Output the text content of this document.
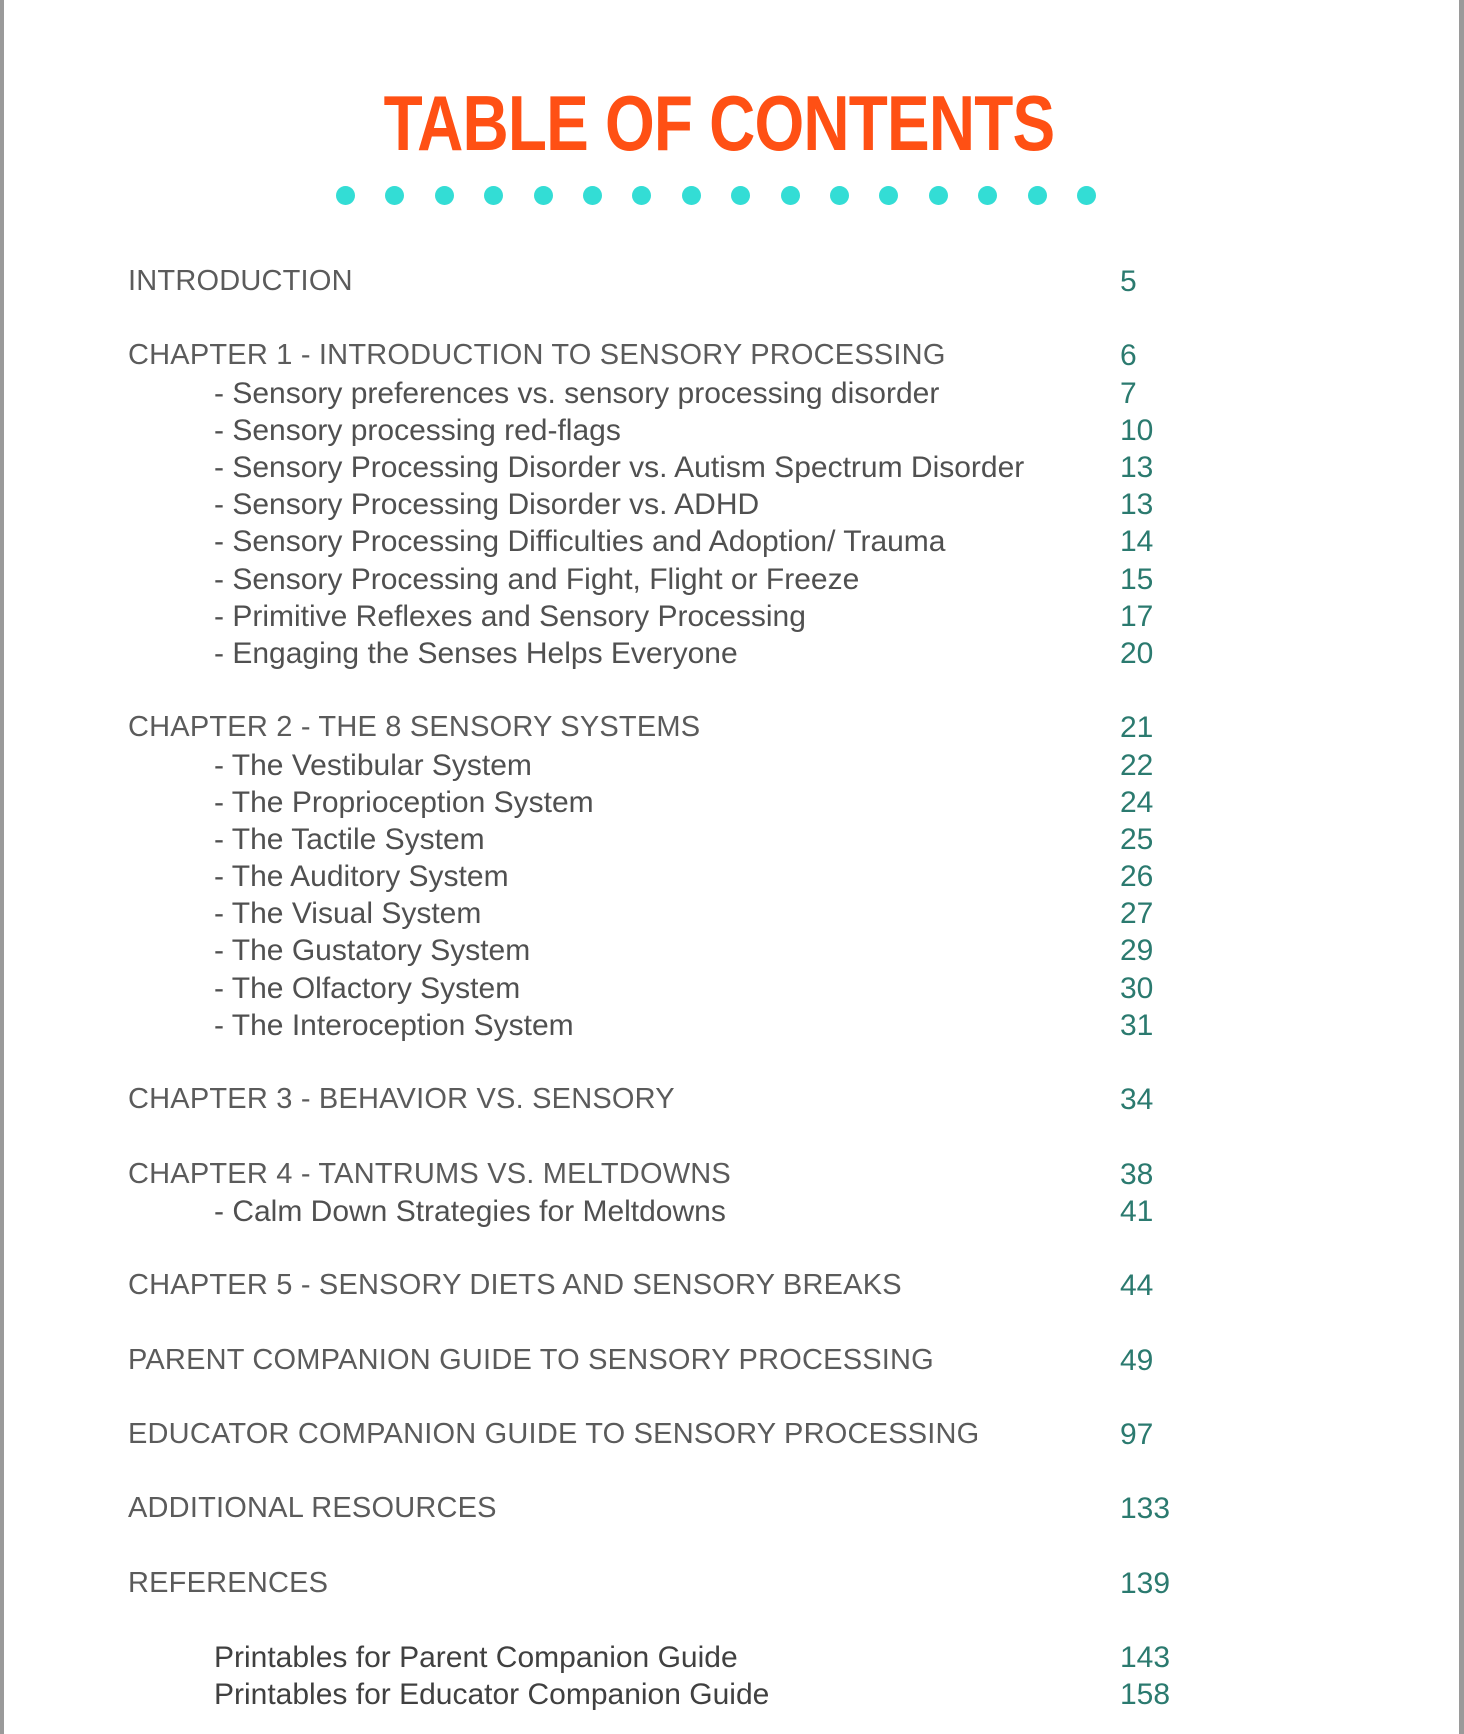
TABLE OF CONTENTS
INTRODUCTION	5
CHAPTER 1 - INTRODUCTION TO SENSORY PROCESSING	6
- Sensory preferences vs. sensory processing disorder	7
- Sensory processing red-flags	10
- Sensory Processing Disorder vs. Autism Spectrum Disorder	13
- Sensory Processing Disorder vs. ADHD	13
- Sensory Processing Difficulties and Adoption/ Trauma	14
- Sensory Processing and Fight, Flight or Freeze	15
- Primitive Reflexes and Sensory Processing	17
- Engaging the Senses Helps Everyone	20
CHAPTER 2 - THE 8 SENSORY SYSTEMS	21
- The Vestibular System	22
- The Proprioception System	24
- The Tactile System	25
- The Auditory System	26
- The Visual System	27
- The Gustatory System	29
- The Olfactory System	30
- The Interoception System	31
CHAPTER 3 - BEHAVIOR VS. SENSORY	34
CHAPTER 4 - TANTRUMS VS. MELTDOWNS	38
- Calm Down Strategies for Meltdowns	41
CHAPTER 5 - SENSORY DIETS AND SENSORY BREAKS	44
PARENT COMPANION GUIDE TO SENSORY PROCESSING	49
EDUCATOR COMPANION GUIDE TO SENSORY PROCESSING	97
ADDITIONAL RESOURCES	133
REFERENCES	139
Printables for Parent Companion Guide	143
Printables for Educator Companion Guide	158
